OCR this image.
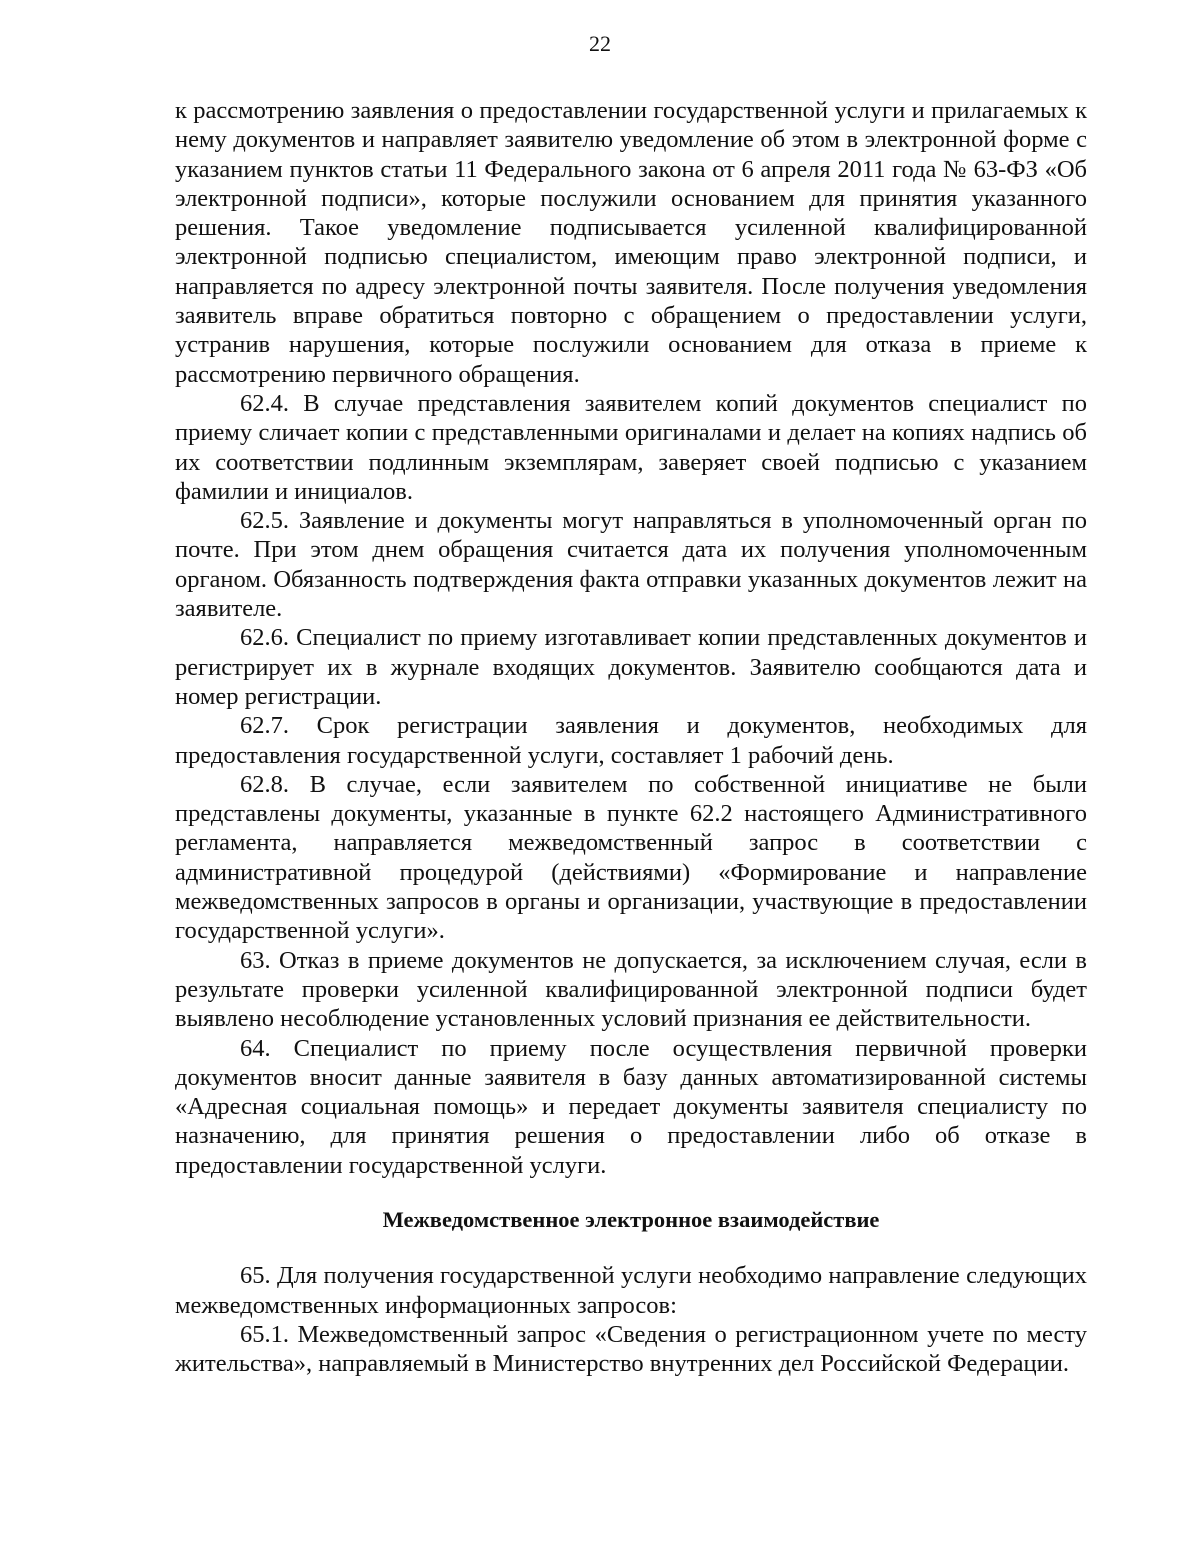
22

к рассмотрению заявления о предоставлении государственной услуги и прилагаемых к нему документов и направляет заявителю уведомление об этом в электронной форме с указанием пунктов статьи 11 Федерального закона от 6 апреля 2011 года № 63-ФЗ «Об электронной подписи», которые послужили основанием для принятия указанного решения. Такое уведомление подписывается усиленной квалифицированной электронной подписью специалистом, имеющим право электронной подписи, и направляется по адресу электронной почты заявителя. После получения уведомления заявитель вправе обратиться повторно с обращением о предоставлении услуги, устранив нарушения, которые послужили основанием для отказа в приеме к рассмотрению первичного обращения.

62.4. В случае представления заявителем копий документов специалист по приему сличает копии с представленными оригиналами и делает на копиях надпись об их соответствии подлинным экземплярам, заверяет своей подписью с указанием фамилии и инициалов.

62.5. Заявление и документы могут направляться в уполномоченный орган по почте. При этом днем обращения считается дата их получения уполномоченным органом. Обязанность подтверждения факта отправки указанных документов лежит на заявителе.

62.6. Специалист по приему изготавливает копии представленных документов и регистрирует их в журнале входящих документов. Заявителю сообщаются дата и номер регистрации.

62.7. Срок регистрации заявления и документов, необходимых для предоставления государственной услуги, составляет 1 рабочий день.

62.8. В случае, если заявителем по собственной инициативе не были представлены документы, указанные в пункте 62.2 настоящего Административного регламента, направляется межведомственный запрос в соответствии с административной процедурой (действиями) «Формирование и направление межведомственных запросов в органы и организации, участвующие в предоставлении государственной услуги».

63. Отказ в приеме документов не допускается, за исключением случая, если в результате проверки усиленной квалифицированной электронной подписи будет выявлено несоблюдение установленных условий признания ее действительности.

64. Специалист по приему после осуществления первичной проверки документов вносит данные заявителя в базу данных автоматизированной системы «Адресная социальная помощь» и передает документы заявителя специалисту по назначению, для принятия решения о предоставлении либо об отказе в предоставлении государственной услуги.

Межведомственное электронное взаимодействие

65. Для получения государственной услуги необходимо направление следующих межведомственных информационных запросов:

65.1. Межведомственный запрос «Сведения о регистрационном учете по месту жительства», направляемый в Министерство внутренних дел Российской Федерации.
